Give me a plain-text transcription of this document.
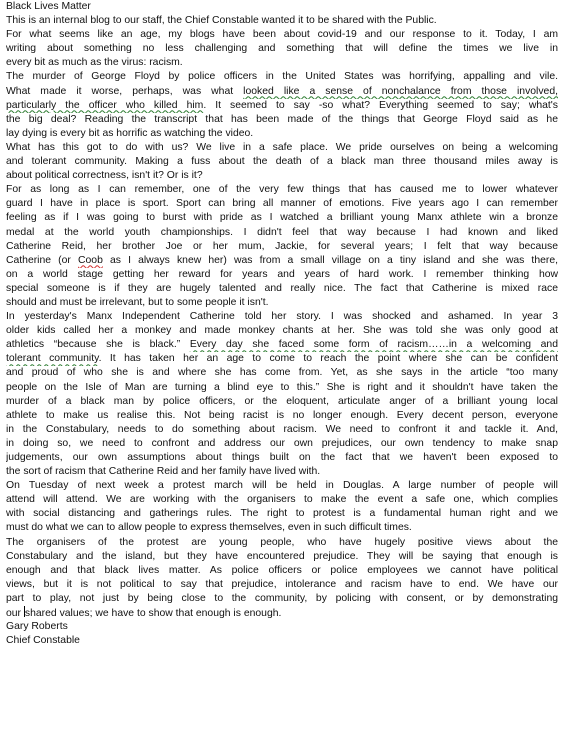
Black Lives Matter
This is an internal blog to our staff, the Chief Constable wanted it to be shared with the Public.
For what seems like an age, my blogs have been about covid-19 and our response to it. Today, I am
writing about something no less challenging and something that will define the times we live in
every bit as much as the virus: racism.
The murder of George Floyd by police officers in the United States was horrifying, appalling and vile.
What made it worse, perhaps, was what looked like a sense of nonchalance from those involved,
particularly the officer who killed him. It seemed to say -so what? Everything seemed to say; what's
the big deal? Reading the transcript that has been made of the things that George Floyd said as he
lay dying is every bit as horrific as watching the video.
What has this got to do with us? We live in a safe place. We pride ourselves on being a welcoming
and tolerant community. Making a fuss about the death of a black man three thousand miles away is
about political correctness, isn't it? Or is it?
For as long as I can remember, one of the very few things that has caused me to lower whatever
guard I have in place is sport. Sport can bring all manner of emotions. Five years ago I can remember
feeling as if I was going to burst with pride as I watched a brilliant young Manx athlete win a bronze
medal at the world youth championships. I didn't feel that way because I had known and liked
Catherine Reid, her brother Joe or her mum, Jackie, for several years; I felt that way because
Catherine (or Coob as I always knew her) was from a small village on a tiny island and she was there,
on a world stage getting her reward for years and years of hard work. I remember thinking how
special someone is if they are hugely talented and really nice. The fact that Catherine is mixed race
should and must be irrelevant, but to some people it isn't.
In yesterday's Manx Independent Catherine told her story. I was shocked and ashamed. In year 3
older kids called her a monkey and made monkey chants at her. She was told she was only good at
athletics “because she is black.” Every day she faced some form of racism……in a welcoming and
tolerant community. It has taken her an age to come to reach the point where she can be confident
and proud of who she is and where she has come from. Yet, as she says in the article “too many
people on the Isle of Man are turning a blind eye to this.” She is right and it shouldn't have taken the
murder of a black man by police officers, or the eloquent, articulate anger of a brilliant young local
athlete to make us realise this. Not being racist is no longer enough. Every decent person, everyone
in the Constabulary, needs to do something about racism. We need to confront it and tackle it. And,
in doing so, we need to confront and address our own prejudices, our own tendency to make snap
judgements, our own assumptions about things built on the fact that we haven't been exposed to
the sort of racism that Catherine Reid and her family have lived with.
On Tuesday of next week a protest march will be held in Douglas. A large number of people will
attend will attend. We are working with the organisers to make the event a safe one, which complies
with social distancing and gatherings rules. The right to protest is a fundamental human right and we
must do what we can to allow people to express themselves, even in such difficult times.
The organisers of the protest are young people, who have hugely positive views about the
Constabulary and the island, but they have encountered prejudice. They will be saying that enough is
enough and that black lives matter. As police officers or police employees we cannot have political
views, but it is not political to say that prejudice, intolerance and racism have to end. We have our
part to play, not just by being close to the community, by policing with consent, or by demonstrating
our shared values; we have to show that enough is enough.
Gary Roberts
Chief Constable
